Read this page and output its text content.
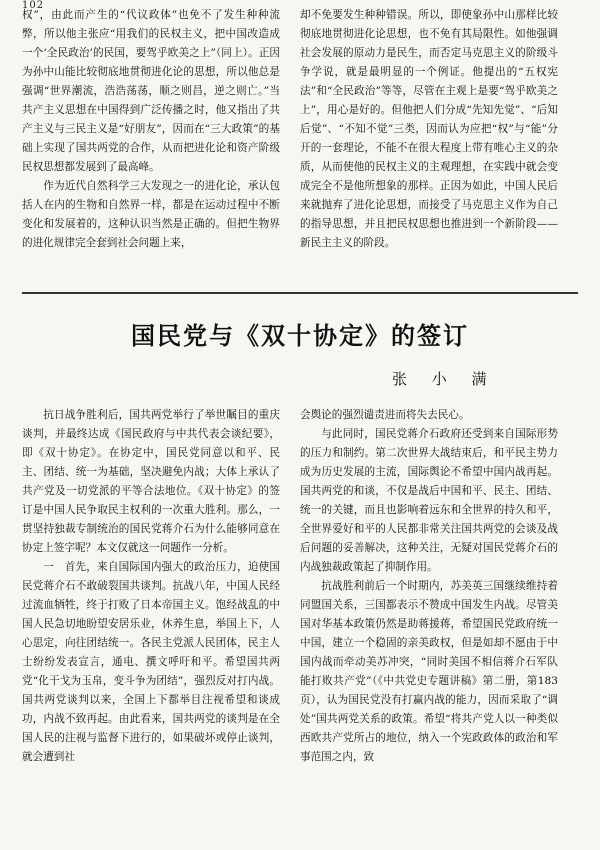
102

权”，由此而产生的“代议政体”也免不了发生种种流弊，所以他主张应“用我们的民权主义，把中国改造成一个‘全民政治’的民国，要驾乎欧美之上”（同上）。正因为孙中山能比较彻底地贯彻进化论的思想，所以他总是强调“世界潮流，浩浩荡荡，顺之则昌，逆之则亡。”当共产主义思想在中国得到广泛传播之时，他又指出了共产主义与三民主义是“好朋友”，因而在“三大政策”的基础上实现了国共两党的合作，从而把进化论和资产阶级民权思想都发展到了最高峰。

作为近代自然科学三大发现之一的进化论，承认包括人在内的生物和自然界一样，都是在运动过程中不断变化和发展着的，这种认识当然是正确的。但把生物界的进化规律完全套到社会问题上来，

却不免要发生种种错误。所以，即使象孙中山那样比较彻底地贯彻进化论思想，也不免有其局限性。如他强调社会发展的原动力是民生，而否定马克思主义的阶级斗争学说，就是最明显的一个例证。他提出的“五权宪法”和“全民政治”等等，尽管在主观上是要“驾乎欧美之上”，用心是好的。但他把人们分成“先知先觉”、“后知后觉”、“不知不觉”三类，因而认为应把“权”与“能”分开的一套理论，不能不在很大程度上带有唯心主义的杂质，从而使他的民权主义的主观理想，在实践中就会变成完全不是他所想象的那样。正因为如此，中国人民后来就抛弃了进化论思想，而接受了马克思主义作为自己的指导思想，并且把民权思想也推进到一个新阶段——新民主主义的阶段。

国民党与《双十协定》的签订
张 小 满

抗日战争胜利后，国共两党举行了举世瞩目的重庆谈判，并最终达成《国民政府与中共代表会谈纪要》，即《双十协定》。在协定中，国民党同意以和平、民主、团结、统一为基础，坚决避免内战；大体上承认了共产党及一切党派的平等合法地位。《双十协定》的签订是中国人民争取民主权利的一次重大胜利。那么，一贯坚持独裁专制统治的国民党蒋介石为什么能够同意在协定上签字呢？本文仅就这一问题作一分析。

一　首先，来自国际国内强大的政治压力，迫使国民党蒋介石不敢破裂国共谈判。抗战八年，中国人民经过流血牺牲，终于打败了日本帝国主义。饱经战乱的中国人民急切地盼望安居乐业，休养生息，举国上下，人心思定，向往团结统一。各民主党派人民团体，民主人士纷纷发表宣言，通电、撰文呼吁和平。希望国共两党“化干戈为玉帛，变斗争为团结”，强烈反对打内战。国共两党谈判以来，全国上下都举目注视希望和谈成功，内战不致再起。由此看来，国共两党的谈判是在全国人民的注视与监督下进行的，如果破坏或停止谈判，就会遭到社

会舆论的强烈谴责进而将失去民心。

与此同时，国民党蒋介石政府还受到来自国际形势的压力和制约。第二次世界大战结束后，和平民主势力成为历史发展的主流，国际舆论不希望中国内战再起。国共两党的和谈，不仅是战后中国和平、民主、团结、统一的关键，而且也影响着远东和全世界的持久和平，全世界爱好和平的人民都非常关注国共两党的会谈及战后问题的妥善解决，这种关注，无疑对国民党蒋介石的内战独裁政策起了抑制作用。

抗战胜利前后一个时期内，苏美英三国继续维持着同盟国关系，三国都表示不赞成中国发生内战。尽管美国对华基本政策仍然是助蒋援蒋，希望国民党政府统一中国，建立一个稳固的亲美政权，但是如却不愿由于中国内战而牵动美苏冲突，“同时美国不相信蒋介石军队能打败共产党”（《中共党史专题讲稿》第二册，第183页），认为国民党没有打赢内战的能力，因而采取了“调处”国共两党关系的政策。希望“将共产党人以一种类似西欧共产党所占的地位，纳入一个宪政政体的政治和军事范围之内，致
